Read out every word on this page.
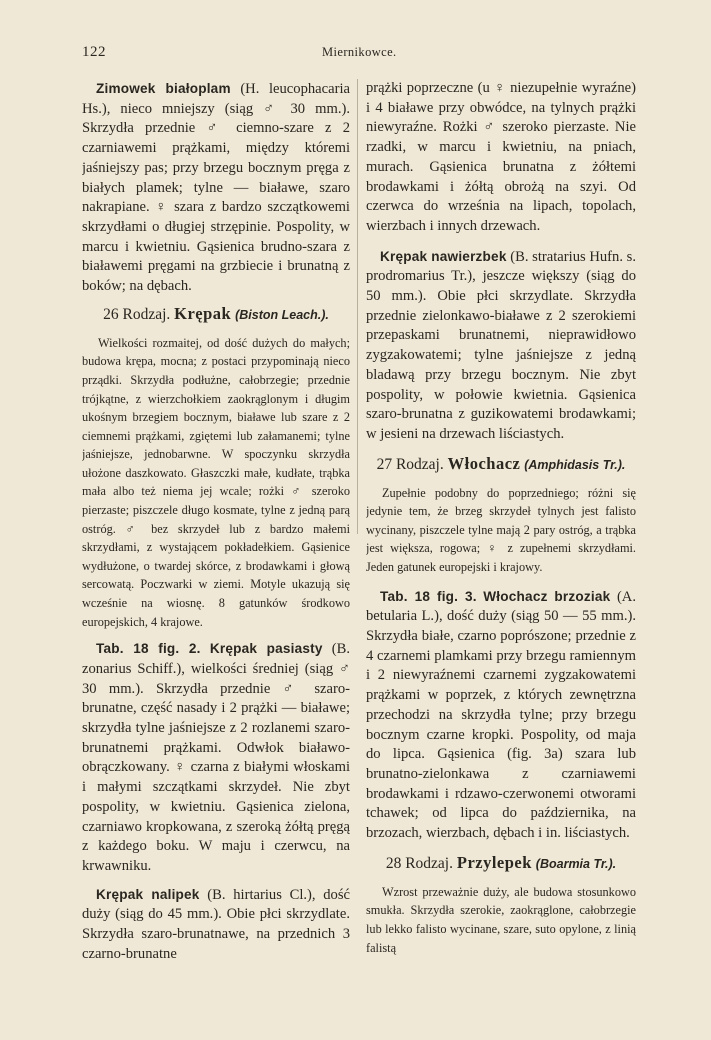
122	Miernikowce.

Zimowek białoplam (H. leucophacaria Hs.), nieco mniejszy (siąg ♂ 30 mm.). Skrzydła przednie ♂ ciemno-szare z 2 czarniawemi prążkami, między któremi jaśniejszy pas; przy brzegu bocznym pręga z białych plamek; tylne — białawe, szaro nakrapiane. ♀ szara z bardzo szczątkowemi skrzydłami o długiej strzępinie. Pospolity, w marcu i kwietniu. Gąsienica brudno-szara z białawemi pręgami na grzbiecie i brunatną z boków; na dębach.

26 Rodzaj. Krępak (Biston Leach.).

Wielkości rozmaitej, od dość dużych do małych; budowa krępa, mocna; z postaci przypominają nieco prządki. Skrzydła podłużne, całobrzegie; przednie trójkątne, z wierzchołkiem zaokrąglonym i długim ukośnym brzegiem bocznym, białawe lub szare z 2 ciemnemi prążkami, zgiętemi lub załamanemi; tylne jaśniejsze, jednobarwne. W spoczynku skrzydła ułożone daszkowato. Głaszczki małe, kudłate, trąbka mała albo też niema jej wcale; rożki ♂ szeroko pierzaste; piszczele długo kosmate, tylne z jedną parą ostróg. ♂ bez skrzydeł lub z bardzo małemi skrzydłami, z wystającem pokładełkiem. Gąsienice wydłużone, o twardej skórce, z brodawkami i głową sercowatą. Poczwarki w ziemi. Motyle ukazują się wcześnie na wiosnę. 8 gatunków środkowo europejskich, 4 krajowe.

Tab. 18 fig. 2. Krępak pasiasty (B. zonarius Schiff.), wielkości średniej (siąg ♂ 30 mm.). Skrzydła przednie ♂ szaro-brunatne, część nasady i 2 prążki — białawe; skrzydła tylne jaśniejsze z 2 rozlanemi szaro-brunatnemi prążkami. Odwłok białawo-obrączkowany. ♀ czarna z białymi włoskami i małymi szczątkami skrzydeł. Nie zbyt pospolity, w kwietniu. Gąsienica zielona, czarniawo kropkowana, z szeroką żółtą pręgą z każdego boku. W maju i czerwcu, na krwawniku.

Krępak nalipek (B. hirtarius Cl.), dość duży (siąg do 45 mm.). Obie płci skrzydlate. Skrzydła szaro-brunatnawe, na przednich 3 czarno-brunatne

prążki poprzeczne (u ♀ niezupełnie wyraźne) i 4 białawe przy obwódce, na tylnych prążki niewyraźne. Rożki ♂ szeroko pierzaste. Nie rzadki, w marcu i kwietniu, na pniach, murach. Gąsienica brunatna z żółtemi brodawkami i żółtą obrożą na szyi. Od czerwca do września na lipach, topolach, wierzbach i innych drzewach.

Krępak nawierzbek (B. stratarius Hufn. s. prodromarius Tr.), jeszcze większy (siąg do 50 mm.). Obie płci skrzydlate. Skrzydła przednie zielonkawo-białawe z 2 szerokiemi przepaskami brunatnemi, nieprawidłowo zygzakowatemi; tylne jaśniejsze z jedną bladawą przy brzegu bocznym. Nie zbyt pospolity, w połowie kwietnia. Gąsienica szaro-brunatna z guzikowatemi brodawkami; w jesieni na drzewach liściastych.

27 Rodzaj. Włochacz (Amphidasis Tr.).

Zupełnie podobny do poprzedniego; różni się jedynie tem, że brzeg skrzydeł tylnych jest falisto wycinany, piszczele tylne mają 2 pary ostróg, a trąbka jest większa, rogowa; ♀ z zupełnemi skrzydłami. Jeden gatunek europejski i krajowy.

Tab. 18 fig. 3. Włochacz brzoziak (A. betularia L.), dość duży (siąg 50 — 55 mm.). Skrzydła białe, czarno poprószone; przednie z 4 czarnemi plamkami przy brzegu ramiennym i 2 niewyraźnemi czarnemi zygzakowatemi prążkami w poprzek, z których zewnętrzna przechodzi na skrzydła tylne; przy brzegu bocznym czarne kropki. Pospolity, od maja do lipca. Gąsienica (fig. 3a) szara lub brunatno-zielonkawa z czarniawemi brodawkami i rdzawo-czerwonemi otworami tchawek; od lipca do października, na brzozach, wierzbach, dębach i in. liściastych.

28 Rodzaj. Przylepek (Boarmia Tr.).

Wzrost przeważnie duży, ale budowa stosunkowo smukła. Skrzydła szerokie, zaokrąglone, całobrzegie lub lekko falisto wycinane, szare, suto opylone, z linią falistą
